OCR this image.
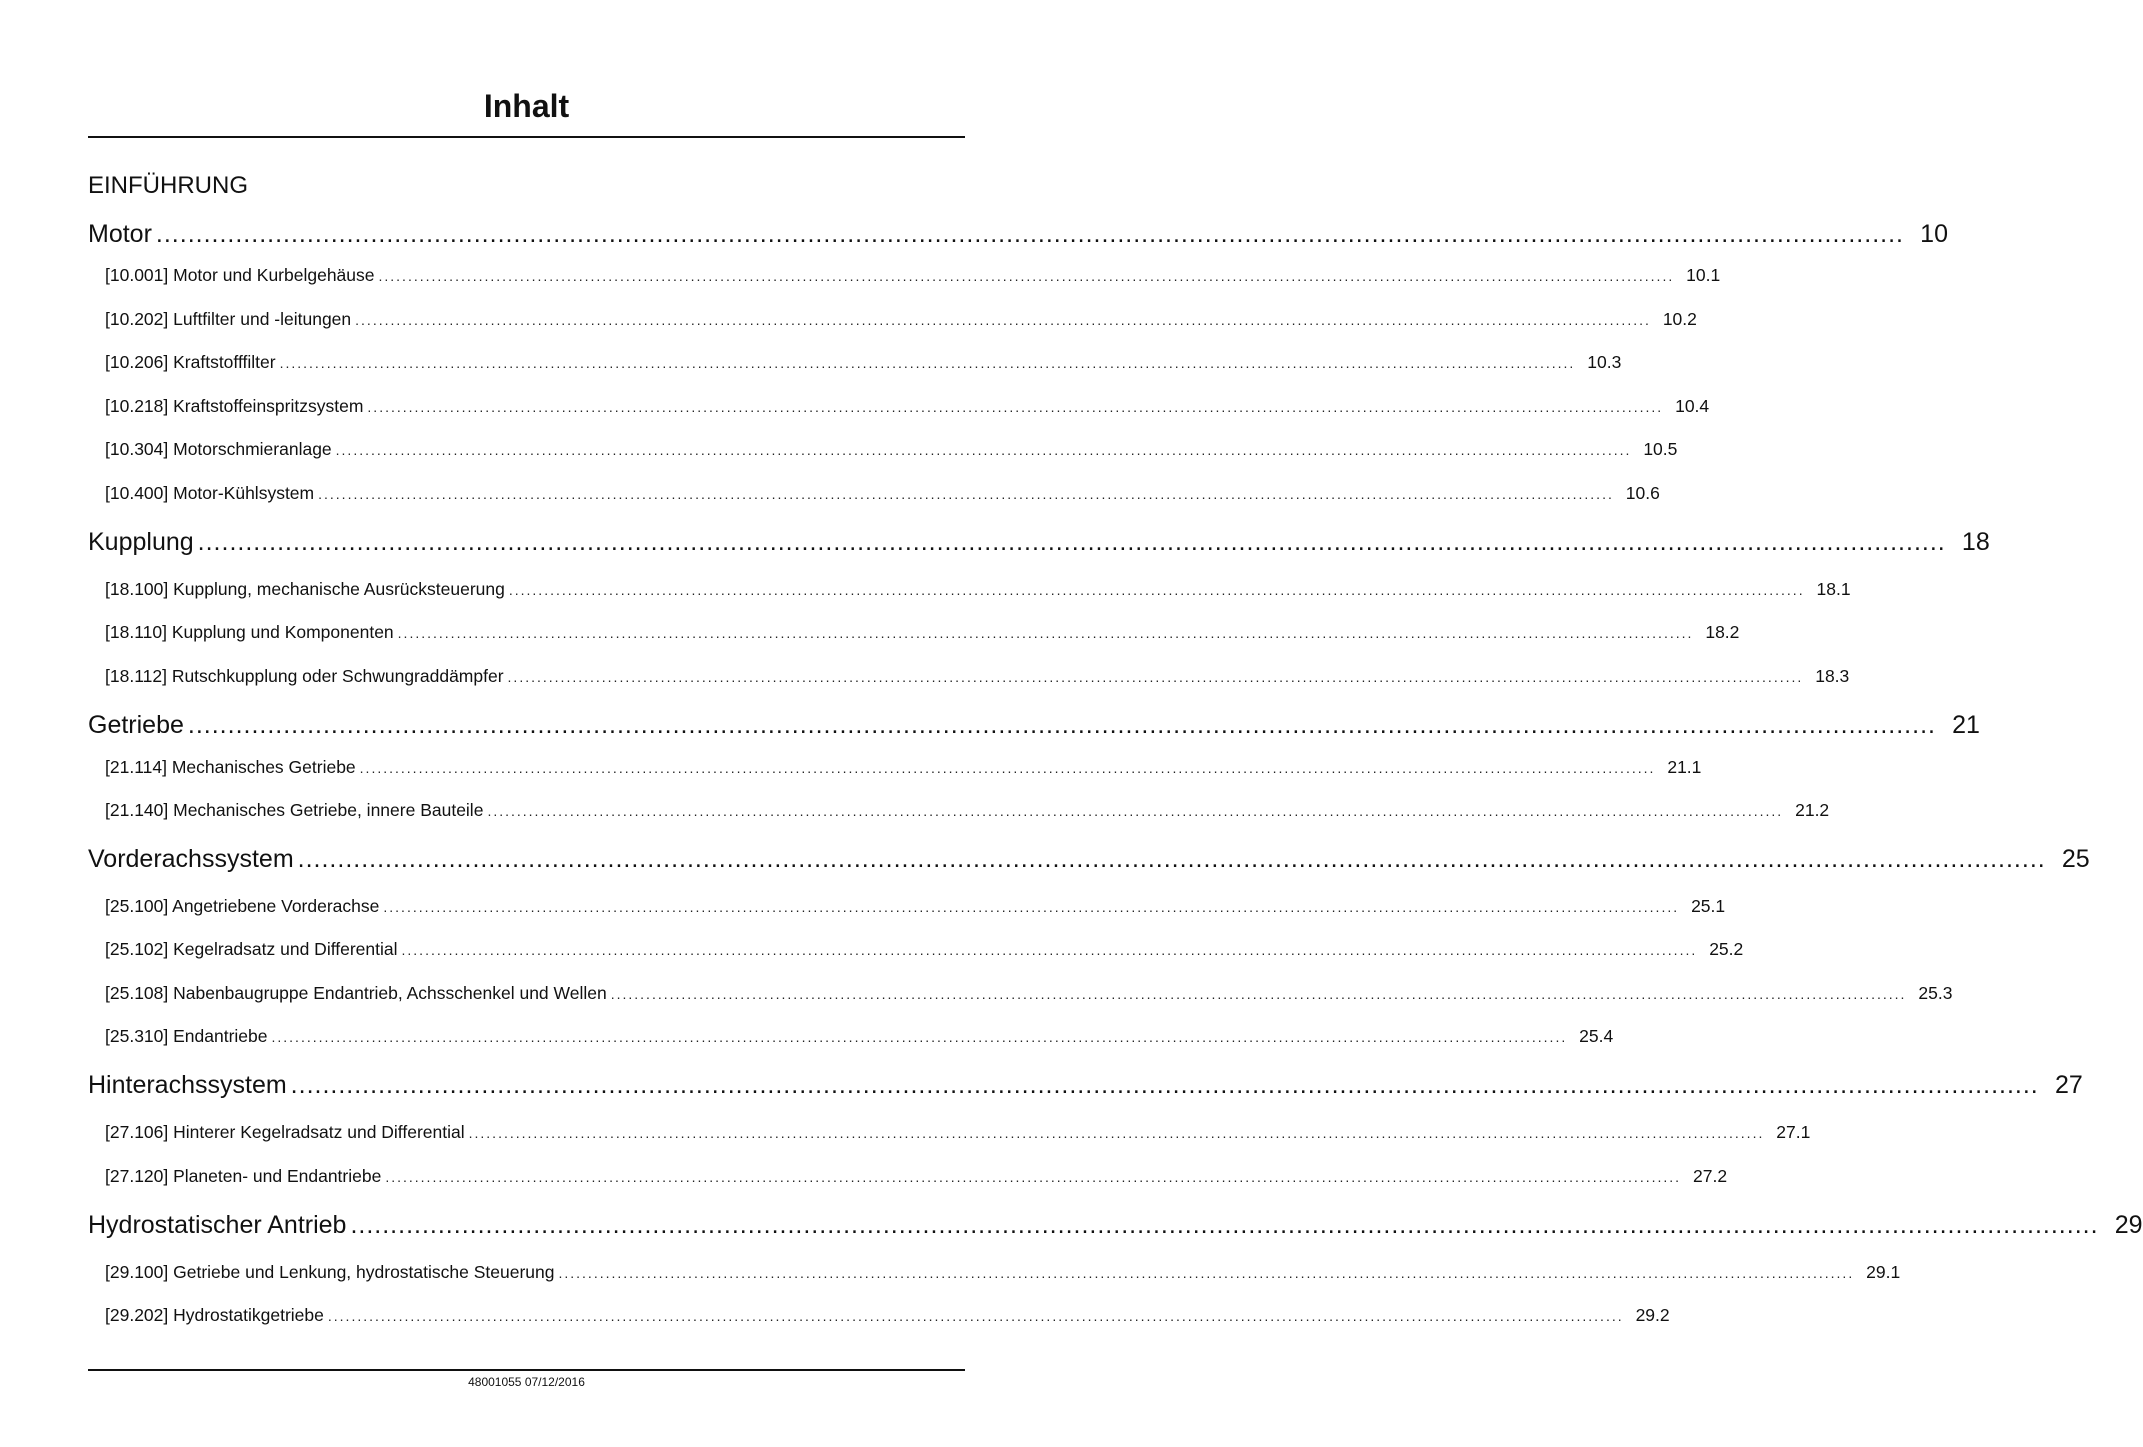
Inhalt
EINFÜHRUNG
Motor ............................................................................................................................................................................................................................ 10
[10.001] Motor und Kurbelgehäuse ............................................................................................................................................................................................................................ 10.1
[10.202] Luftfilter und -leitungen ............................................................................................................................................................................................................................ 10.2
[10.206] Kraftstofffilter ............................................................................................................................................................................................................................ 10.3
[10.218] Kraftstoffeinspritzsystem ............................................................................................................................................................................................................................ 10.4
[10.304] Motorschmieranlage ............................................................................................................................................................................................................................ 10.5
[10.400] Motor-Kühlsystem ............................................................................................................................................................................................................................ 10.6
Kupplung ............................................................................................................................................................................................................................ 18
[18.100] Kupplung, mechanische Ausrücksteuerung ............................................................................................................................................................................................................................ 18.1
[18.110] Kupplung und Komponenten ............................................................................................................................................................................................................................ 18.2
[18.112] Rutschkupplung oder Schwungraddämpfer ............................................................................................................................................................................................................................ 18.3
Getriebe ............................................................................................................................................................................................................................ 21
[21.114] Mechanisches Getriebe ............................................................................................................................................................................................................................ 21.1
[21.140] Mechanisches Getriebe, innere Bauteile ............................................................................................................................................................................................................................ 21.2
Vorderachssystem ............................................................................................................................................................................................................................ 25
[25.100] Angetriebene Vorderachse ............................................................................................................................................................................................................................ 25.1
[25.102] Kegelradsatz und Differential ............................................................................................................................................................................................................................ 25.2
[25.108] Nabenbaugruppe Endantrieb, Achsschenkel und Wellen ............................................................................................................................................................................................................................ 25.3
[25.310] Endantriebe ............................................................................................................................................................................................................................ 25.4
Hinterachssystem ............................................................................................................................................................................................................................ 27
[27.106] Hinterer Kegelradsatz und Differential ............................................................................................................................................................................................................................ 27.1
[27.120] Planeten- und Endantriebe ............................................................................................................................................................................................................................ 27.2
Hydrostatischer Antrieb ............................................................................................................................................................................................................................ 29
[29.100] Getriebe und Lenkung, hydrostatische Steuerung ............................................................................................................................................................................................................................ 29.1
[29.202] Hydrostatikgetriebe ............................................................................................................................................................................................................................ 29.2
48001055 07/12/2016
